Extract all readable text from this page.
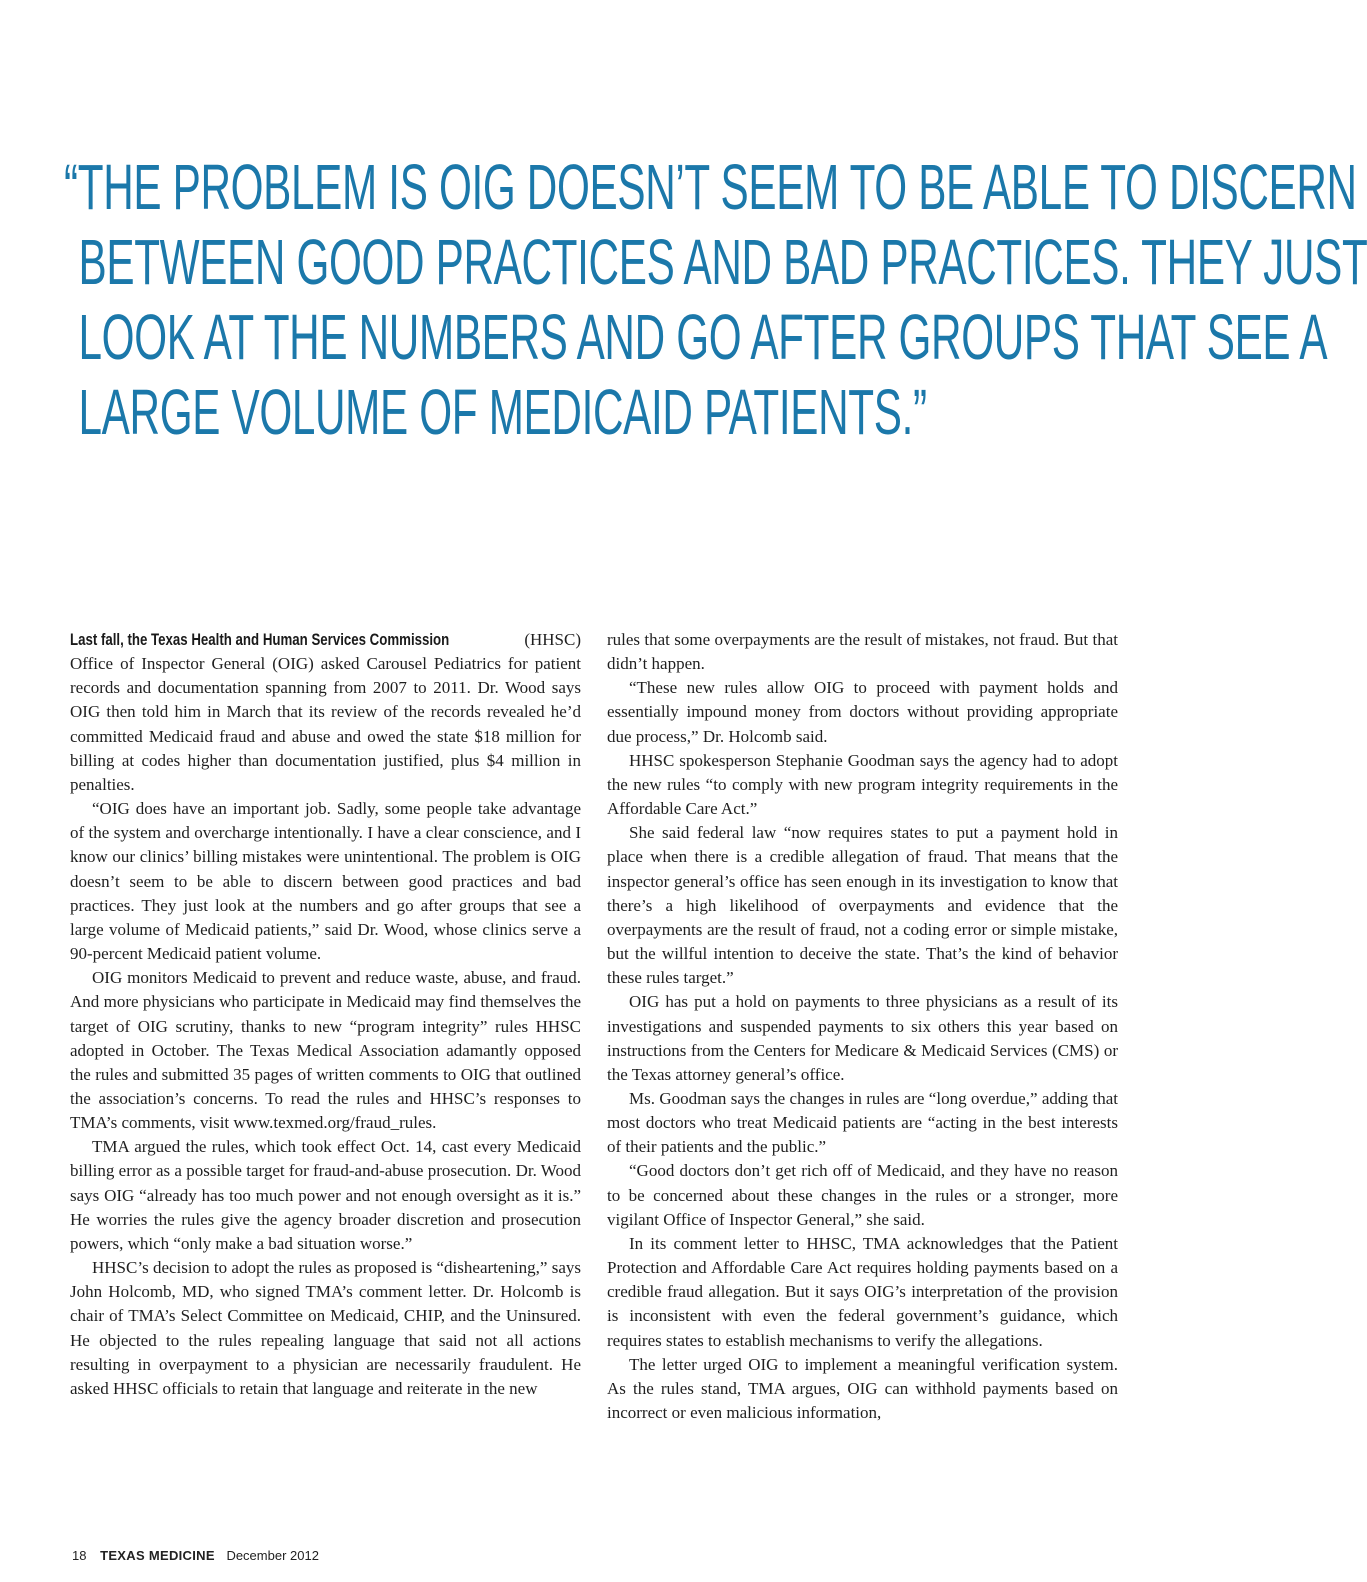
“THE PROBLEM IS OIG DOESN’T SEEM TO BE ABLE TO DISCERN
BETWEEN GOOD PRACTICES AND BAD PRACTICES. THEY JUST
LOOK AT THE NUMBERS AND GO AFTER GROUPS THAT SEE A
LARGE VOLUME OF MEDICAID PATIENTS.”

Last fall, the Texas Health and Human Services Commission	(HHSC) Office of Inspector General (OIG) asked Carousel Pediatrics for patient records and documentation spanning from 2007 to 2011. Dr. Wood says OIG then told him in March that its review of the records revealed he’d committed Medicaid fraud and abuse and owed the state $18 million for billing at codes higher than documentation justified, plus $4 million in penalties.

“OIG does have an important job. Sadly, some people take advantage of the system and overcharge intentionally. I have a clear conscience, and I know our clinics’ billing mistakes were unintentional. The problem is OIG doesn’t seem to be able to discern between good practices and bad practices. They just look at the numbers and go after groups that see a large volume of Medicaid patients,” said Dr. Wood, whose clinics serve a 90-percent Medicaid patient volume.

OIG monitors Medicaid to prevent and reduce waste, abuse, and fraud. And more physicians who participate in Medicaid may find themselves the target of OIG scrutiny, thanks to new “program integrity” rules HHSC adopted in October. The Texas Medical Association adamantly opposed the rules and submitted 35 pages of written comments to OIG that outlined the association’s concerns. To read the rules and HHSC’s responses to TMA’s comments, visit www.texmed.org/fraud_rules.

TMA argued the rules, which took effect Oct. 14, cast every Medicaid billing error as a possible target for fraud-and-abuse prosecution. Dr. Wood says OIG “already has too much power and not enough oversight as it is.” He worries the rules give the agency broader discretion and prosecution powers, which “only make a bad situation worse.”

HHSC’s decision to adopt the rules as proposed is “disheartening,” says John Holcomb, MD, who signed TMA’s comment letter. Dr. Holcomb is chair of TMA’s Select Committee on Medicaid, CHIP, and the Uninsured. He objected to the rules repealing language that said not all actions resulting in overpayment to a physician are necessarily fraudulent. He asked HHSC officials to retain that language and reiterate in the new

rules that some overpayments are the result of mistakes, not fraud. But that didn’t happen.

“These new rules allow OIG to proceed with payment holds and essentially impound money from doctors without providing appropriate due process,” Dr. Holcomb said.

HHSC spokesperson Stephanie Goodman says the agency had to adopt the new rules “to comply with new program integrity requirements in the Affordable Care Act.”

She said federal law “now requires states to put a payment hold in place when there is a credible allegation of fraud. That means that the inspector general’s office has seen enough in its investigation to know that there’s a high likelihood of overpayments and evidence that the overpayments are the result of fraud, not a coding error or simple mistake, but the willful intention to deceive the state. That’s the kind of behavior these rules target.”

OIG has put a hold on payments to three physicians as a result of its investigations and suspended payments to six others this year based on instructions from the Centers for Medicare & Medicaid Services (CMS) or the Texas attorney general’s office.

Ms. Goodman says the changes in rules are “long overdue,” adding that most doctors who treat Medicaid patients are “acting in the best interests of their patients and the public.”

“Good doctors don’t get rich off of Medicaid, and they have no reason to be concerned about these changes in the rules or a stronger, more vigilant Office of Inspector General,” she said.

In its comment letter to HHSC, TMA acknowledges that the Patient Protection and Affordable Care Act requires holding payments based on a credible fraud allegation. But it says OIG’s interpretation of the provision is inconsistent with even the federal government’s guidance, which requires states to establish mechanisms to verify the allegations.

The letter urged OIG to implement a meaningful verification system. As the rules stand, TMA argues, OIG can withhold payments based on incorrect or even malicious information,

18 TEXAS MEDICINE December 2012
